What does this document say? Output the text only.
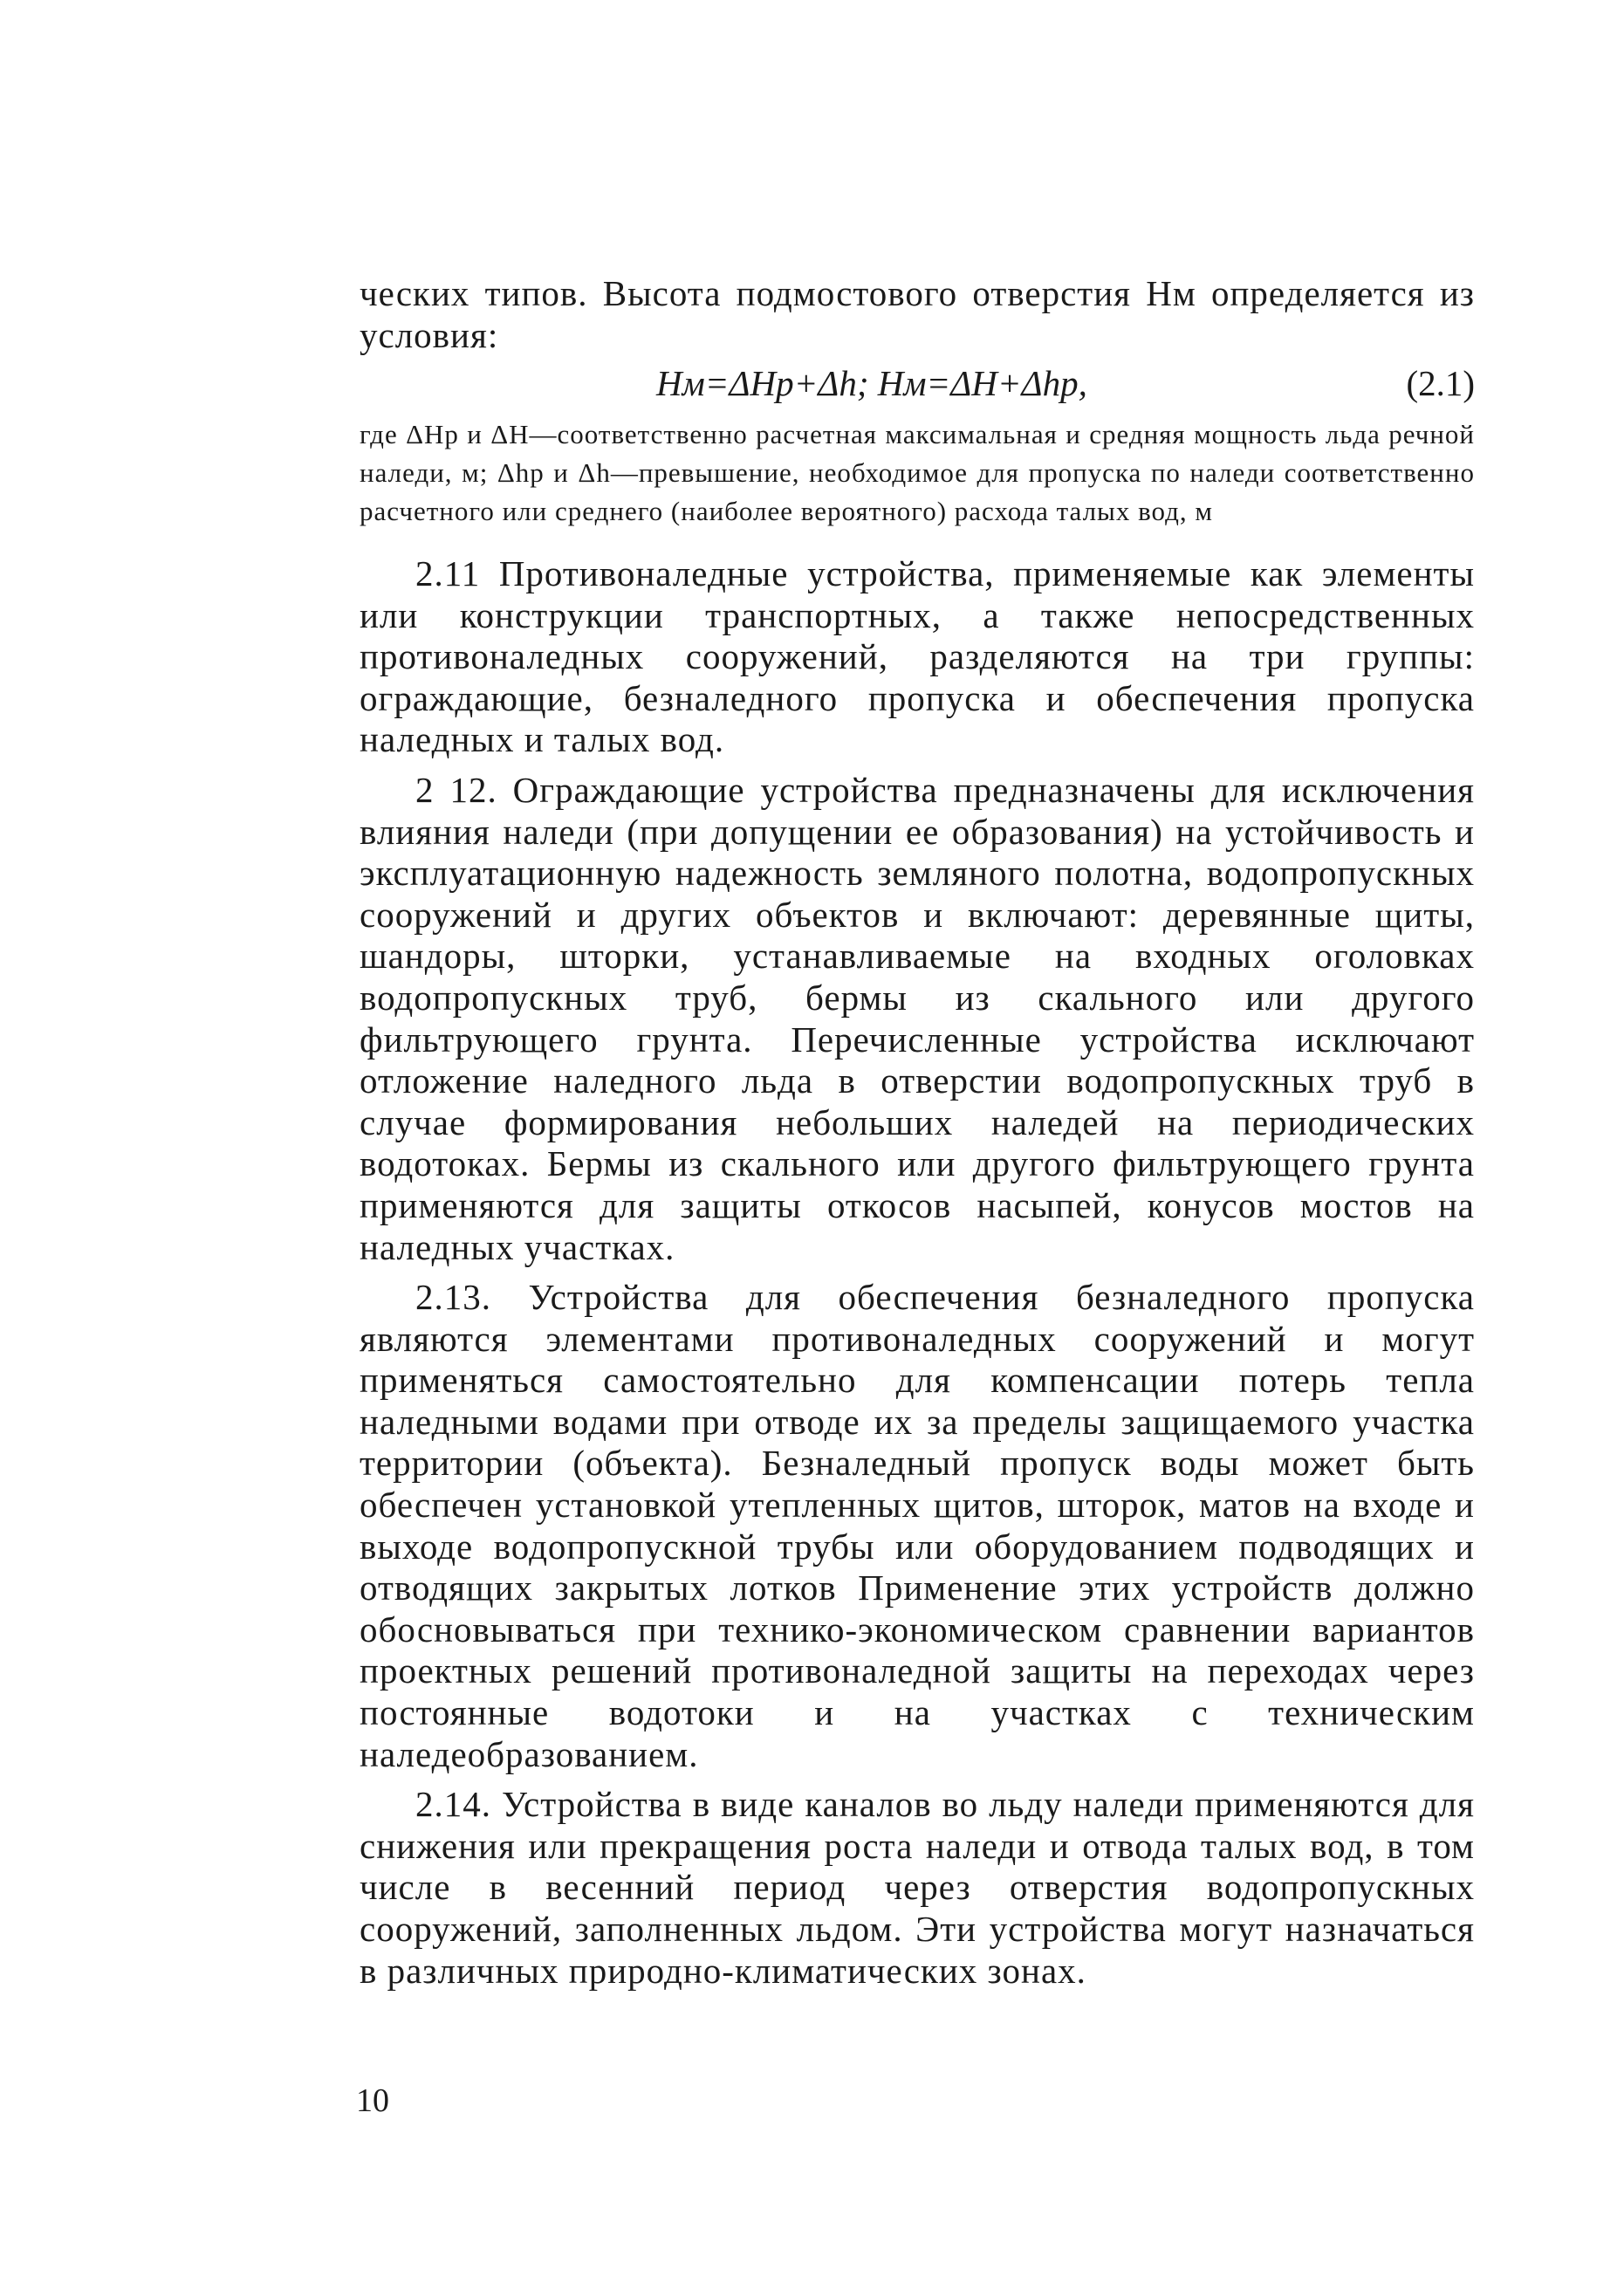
ческих типов. Высота подмостового отверстия Hм определяется из условия:
Hм=ΔHр+Δh; Hм=ΔH+Δhр,	(2.1)
где ΔHр и ΔH—соответственно расчетная максимальная и средняя мощность льда речной наледи, м; Δhр и Δh—превышение, необходимое для пропуска по наледи соответственно расчетного или среднего (наиболее вероятного) расхода талых вод, м

2.11 Противоналедные устройства, применяемые как элементы или конструкции транспортных, а также непосредственных противоналедных сооружений, разделяются на три группы: ограждающие, безналедного пропуска и обеспечения пропуска наледных и талых вод.

2 12. Ограждающие устройства предназначены для исключения влияния наледи (при допущении ее образования) на устойчивость и эксплуатационную надежность земляного полотна, водопропускных сооружений и других объектов и включают: деревянные щиты, шандоры, шторки, устанавливаемые на входных оголовках водопропускных труб, бермы из скального или другого фильтрующего грунта. Перечисленные устройства исключают отложение наледного льда в отверстии водопропускных труб в случае формирования небольших наледей на периодических водотоках. Бермы из скального или другого фильтрующего грунта применяются для защиты откосов насыпей, конусов мостов на наледных участках.

2.13. Устройства для обеспечения безналедного пропуска являются элементами противоналедных сооружений и могут применяться самостоятельно для компенсации потерь тепла наледными водами при отводе их за пределы защищаемого участка территории (объекта). Безналедный пропуск воды может быть обеспечен установкой утепленных щитов, шторок, матов на входе и выходе водопропускной трубы или оборудованием подводящих и отводящих закрытых лотков Применение этих устройств должно обосновываться при технико-экономическом сравнении вариантов проектных решений противоналедной защиты на переходах через постоянные водотоки и на участках с техническим наледеобразованием.

2.14. Устройства в виде каналов во льду наледи применяются для снижения или прекращения роста наледи и отвода талых вод, в том числе в весенний период через отверстия водопропускных сооружений, заполненных льдом. Эти устройства могут назначаться в различных природно-климатических зонах.

10
